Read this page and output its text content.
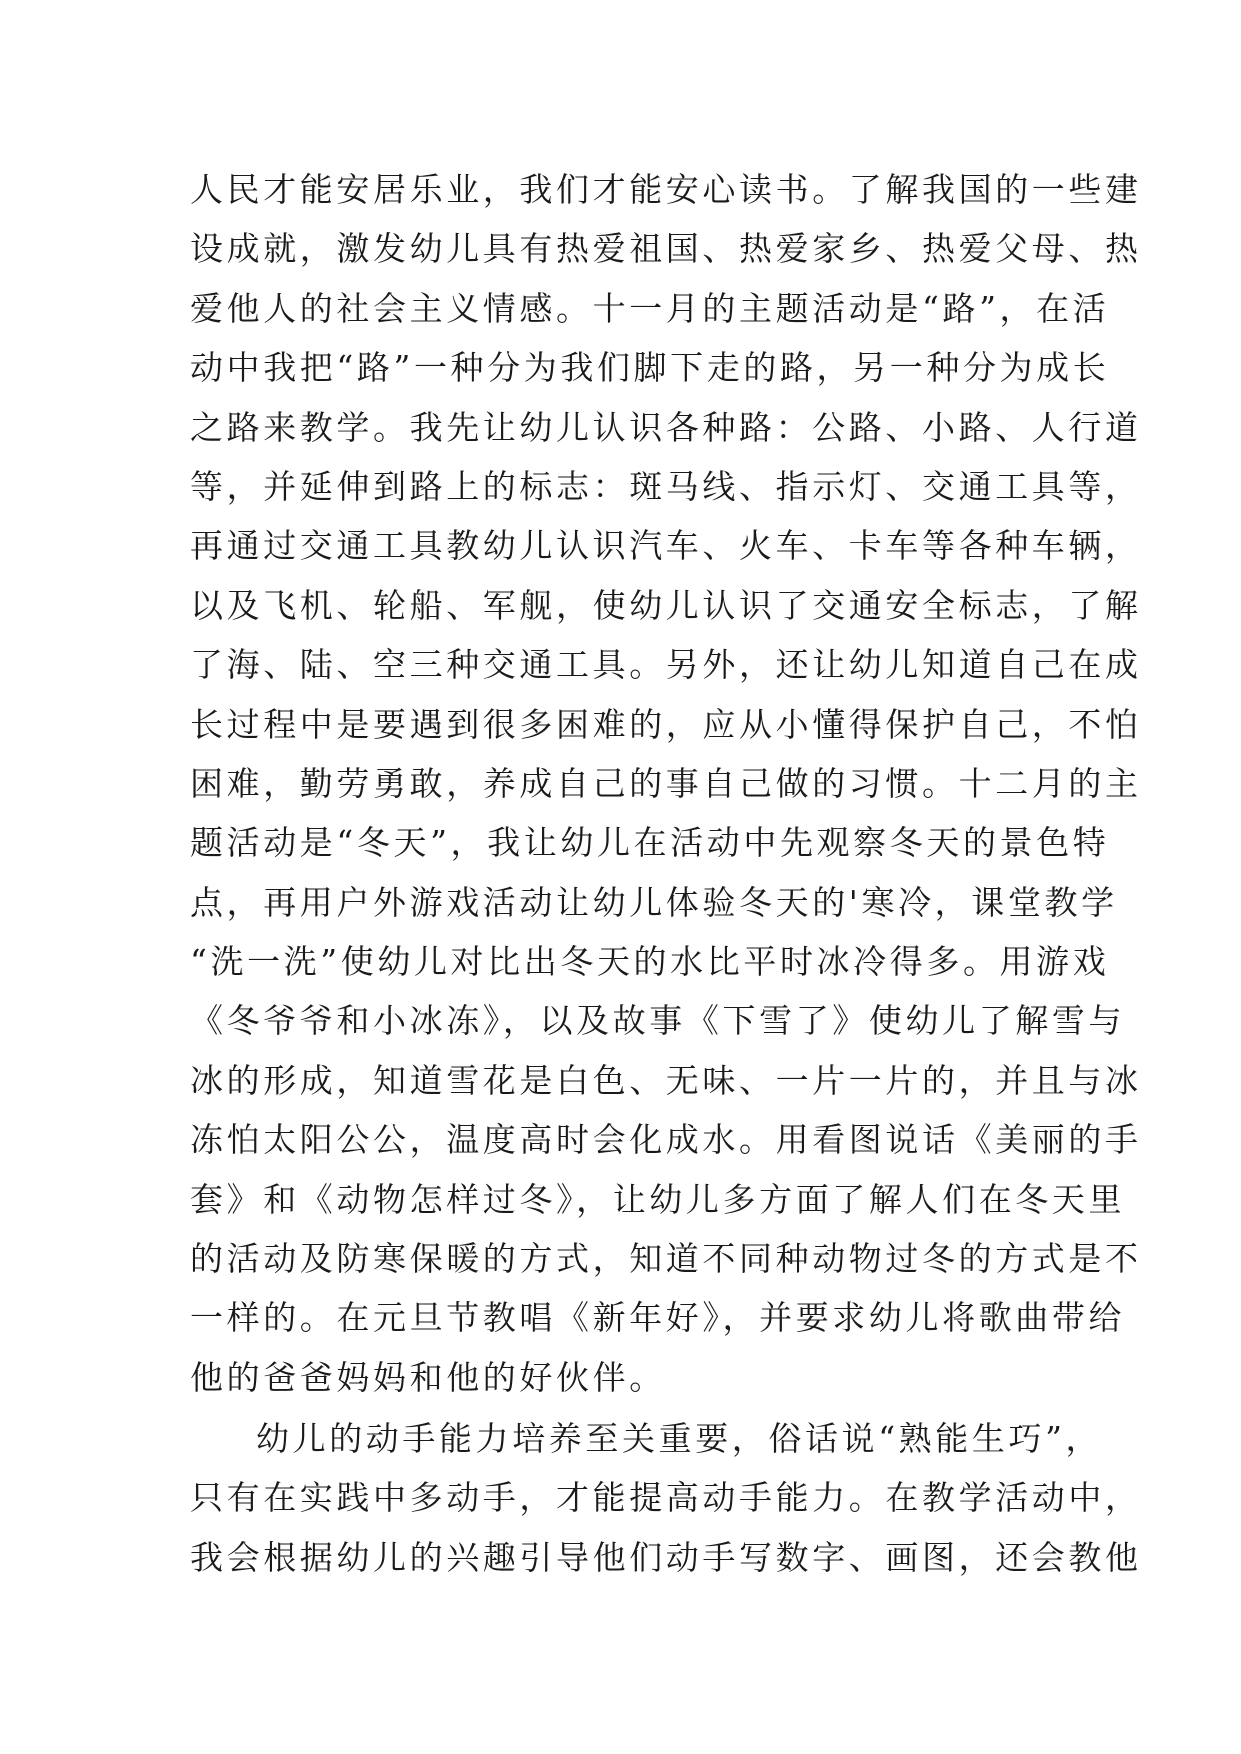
人民才能安居乐业，我们才能安心读书。了解我国的一些建
设成就，激发幼儿具有热爱祖国、热爱家乡、热爱父母、热
爱他人的社会主义情感。十一月的主题活动是“路”，在活
动中我把“路”一种分为我们脚下走的路，另一种分为成长
之路来教学。我先让幼儿认识各种路：公路、小路、人行道
等，并延伸到路上的标志：斑马线、指示灯、交通工具等，
再通过交通工具教幼儿认识汽车、火车、卡车等各种车辆，
以及飞机、轮船、军舰，使幼儿认识了交通安全标志，了解
了海、陆、空三种交通工具。另外，还让幼儿知道自己在成
长过程中是要遇到很多困难的，应从小懂得保护自己，不怕
困难，勤劳勇敢，养成自己的事自己做的习惯。十二月的主
题活动是“冬天”，我让幼儿在活动中先观察冬天的景色特
点，再用户外游戏活动让幼儿体验冬天的'寒冷，课堂教学
“洗一洗”使幼儿对比出冬天的水比平时冰冷得多。用游戏
《冬爷爷和小冰冻》，以及故事《下雪了》使幼儿了解雪与
冰的形成，知道雪花是白色、无味、一片一片的，并且与冰
冻怕太阳公公，温度高时会化成水。用看图说话《美丽的手
套》和《动物怎样过冬》，让幼儿多方面了解人们在冬天里
的活动及防寒保暖的方式，知道不同种动物过冬的方式是不
一样的。在元旦节教唱《新年好》，并要求幼儿将歌曲带给
他的爸爸妈妈和他的好伙伴。
幼儿的动手能力培养至关重要，俗话说“熟能生巧”，
只有在实践中多动手，才能提高动手能力。在教学活动中，
我会根据幼儿的兴趣引导他们动手写数字、画图，还会教他
